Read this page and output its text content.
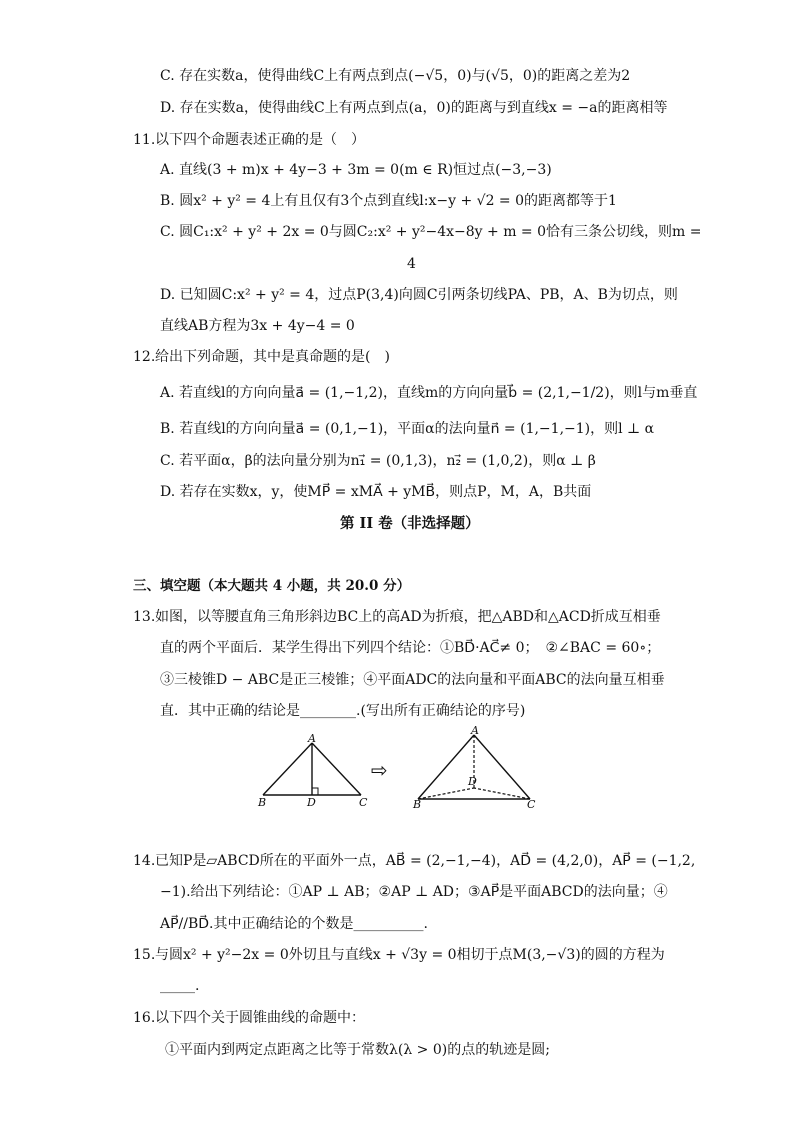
C. 存在实数a，使得曲线C上有两点到点(−√5，0)与(√5，0)的距离之差为2
D. 存在实数a，使得曲线C上有两点到点(a，0)的距离与到直线x = −a的距离相等
11.以下四个命题表述正确的是（　）
A. 直线(3 + m)x + 4y−3 + 3m = 0(m ∈ R)恒过点(−3,−3)
B. 圆x² + y² = 4上有且仅有3个点到直线l:x−y + √2 = 0的距离都等于1
C. 圆C₁:x² + y² + 2x = 0与圆C₂:x² + y²−4x−8y + m = 0恰有三条公切线，则m =
4
D. 已知圆C:x² + y² = 4，过点P(3,4)向圆C引两条切线PA、PB，A、B为切点，则
直线AB方程为3x + 4y−4 = 0
12.给出下列命题，其中是真命题的是(　)
A. 若直线l的方向向量a⃗ = (1,−1,2)，直线m的方向向量b⃗ = (2,1,−1/2)，则l与m垂直
B. 若直线l的方向向量a⃗ = (0,1,−1)，平面α的法向量n⃗ = (1,−1,−1)，则l ⊥ α
C. 若平面α，β的法向量分别为n₁⃗ = (0,1,3)，n₂⃗ = (1,0,2)，则α ⊥ β
D. 若存在实数x，y，使MP⃗ = xMA⃗ + yMB⃗，则点P，M，A，B共面
第 II 卷（非选择题）
三、填空题（本大题共 4 小题，共 20.0 分）
13.如图，以等腰直角三角形斜边BC上的高AD为折痕，把△ABD和△ACD折成互相垂
直的两个平面后．某学生得出下列四个结论：①BD⃗·AC⃗≠ 0；　②∠BAC = 60∘；
③三棱锥D − ABC是正三棱锥；④平面ADC的法向量和平面ABC的法向量互相垂
直．其中正确的结论是________.(写出所有正确结论的序号)
A
B	D	C
⇨
A
D
B	C
14.已知P是▱ABCD所在的平面外一点，AB⃗ = (2,−1,−4)，AD⃗ = (4,2,0)，AP⃗ = (−1,2,
−1).给出下列结论：①AP ⊥ AB；②AP ⊥ AD；③AP⃗是平面ABCD的法向量；④
AP⃗//BD⃗.其中正确结论的个数是__________.
15.与圆x² + y²−2x = 0外切且与直线x + √3y = 0相切于点M(3,−√3)的圆的方程为
_____.
16.以下四个关于圆锥曲线的命题中：
①平面内到两定点距离之比等于常数λ(λ > 0)的点的轨迹是圆;
